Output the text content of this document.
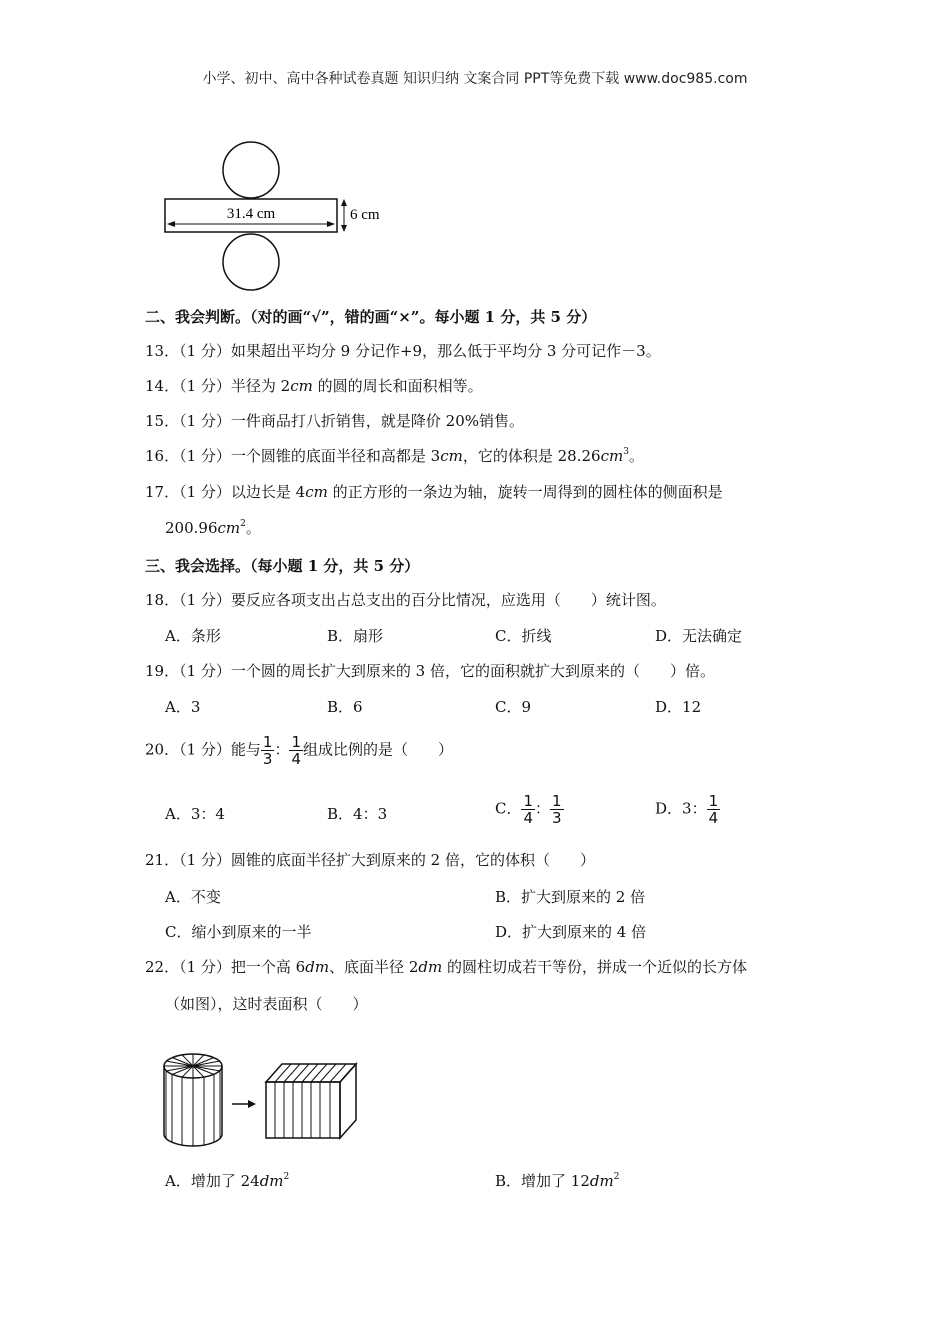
小学、初中、高中各种试卷真题 知识归纳 文案合同 PPT等免费下载 www.doc985.com
31.4 cm	6 cm
二、我会判断。（对的画“√”，错的画“×”。每小题 1 分，共 5 分）
13．（1 分）如果超出平均分 9 分记作+9，那么低于平均分 3 分可记作－3。
14．（1 分）半径为 2cm 的圆的周长和面积相等。
15．（1 分）一件商品打八折销售，就是降价 20%销售。
16．（1 分）一个圆锥的底面半径和高都是 3cm，它的体积是 $28.26cm^3$。
17．（1 分）以边长是 4cm 的正方形的一条边为轴，旋转一周得到的圆柱体的侧面积是
$200.96cm^2$。
三、我会选择。（每小题 1 分，共 5 分）
18．（1 分）要反应各项支出占总支出的百分比情况，应选用（　　）统计图。
A．条形	B．扇形	C．折线	D．无法确定
19．（1 分）一个圆的周长扩大到原来的 3 倍，它的面积就扩大到原来的（　　）倍。
A．3	B．6	C．9	D．12
20．（1 分）能与 $\frac{1}{3}$ ： $\frac{1}{4}$ 组成比例的是（　　）
A．3：4	B．4：3	C． $\frac{1}{4}$ ： $\frac{1}{3}$	D．3： $\frac{1}{4}$
21．（1 分）圆锥的底面半径扩大到原来的 2 倍，它的体积（　　）
A．不变	B．扩大到原来的 2 倍
C．缩小到原来的一半	D．扩大到原来的 4 倍
22．（1 分）把一个高 6dm、底面半径 2dm 的圆柱切成若干等份，拼成一个近似的长方体
（如图），这时表面积（　　）
A．增加了 $24dm^2$	B．增加了 $12dm^2$
